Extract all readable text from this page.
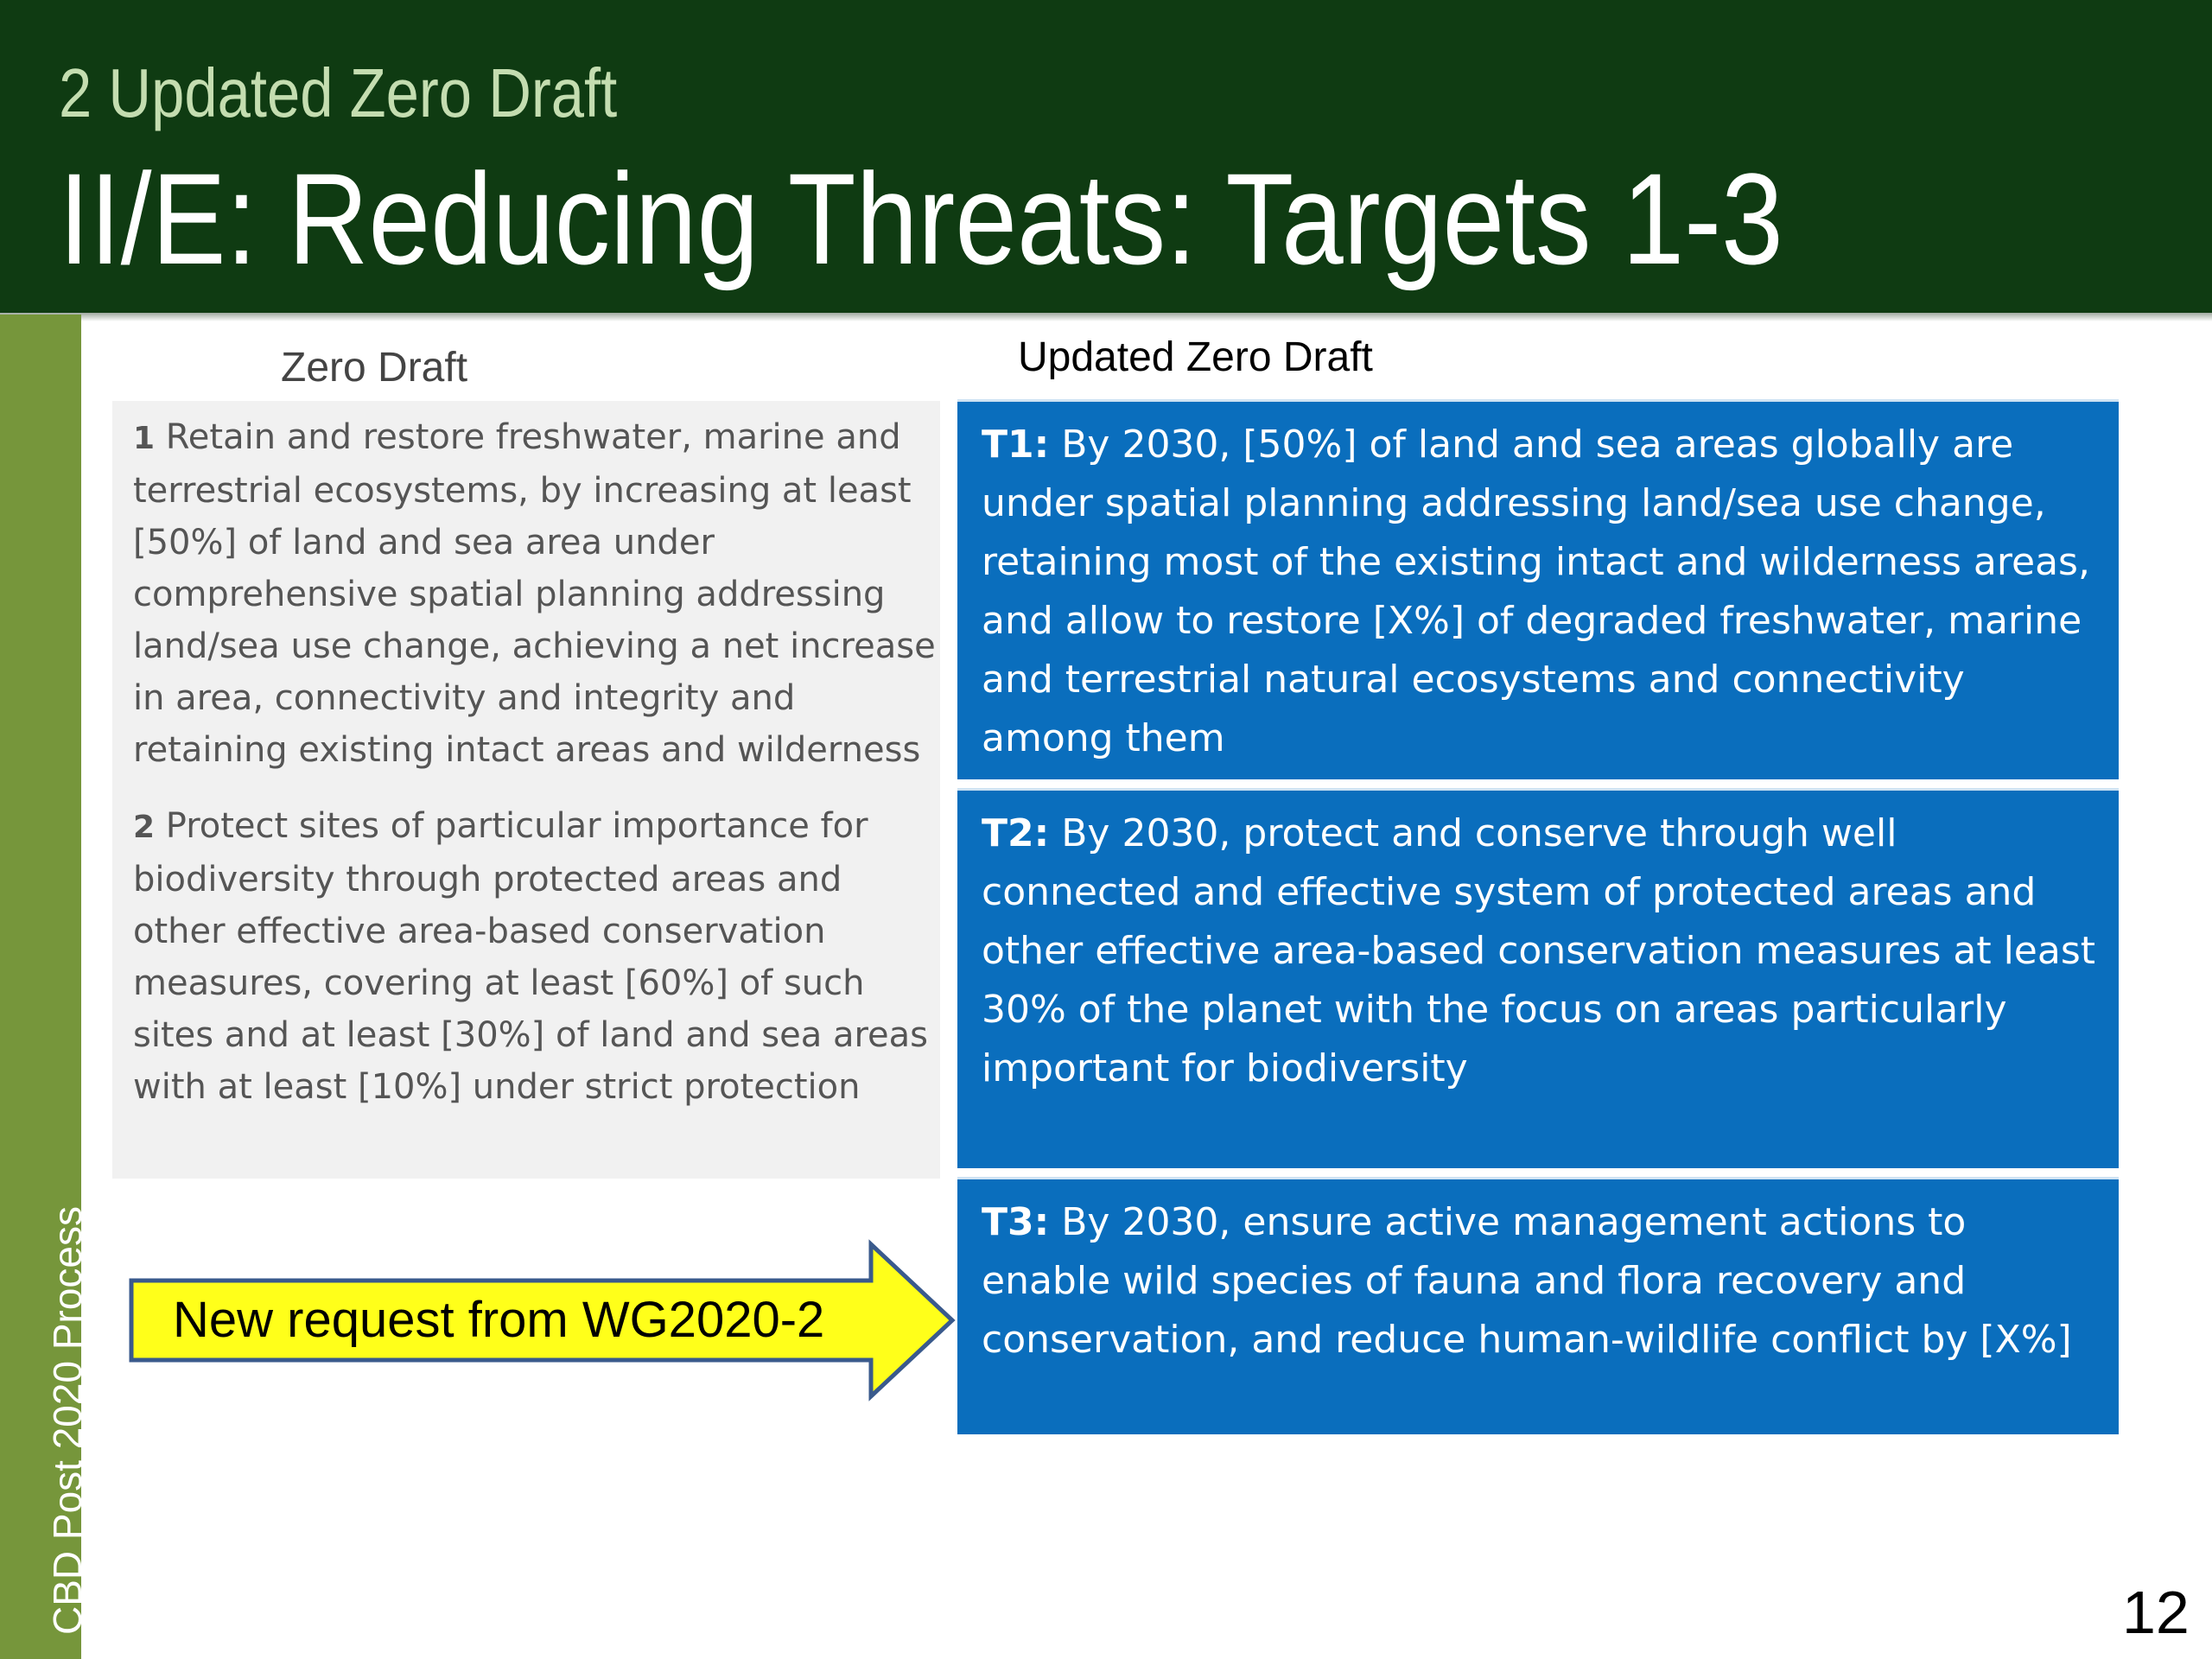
2 Updated Zero Draft
II/E: Reducing Threats: Targets 1-3
CBD Post 2020 Process
Zero Draft	Updated Zero Draft

1 Retain and restore freshwater, marine and terrestrial ecosystems, by increasing at least [50%] of land and sea area under comprehensive spatial planning addressing land/sea use change, achieving a net increase in area, connectivity and integrity and retaining existing intact areas and wilderness

2 Protect sites of particular importance for biodiversity through protected areas and other effective area-based conservation measures, covering at least [60%] of such sites and at least [30%] of land and sea areas with at least [10%] under strict protection

T1: By 2030, [50%] of land and sea areas globally are under spatial planning addressing land/sea use change, retaining most of the existing intact and wilderness areas, and allow to restore [X%] of degraded freshwater, marine and terrestrial natural ecosystems and connectivity among them
T2: By 2030, protect and conserve through well connected and effective system of protected areas and other effective area-based conservation measures at least 30% of the planet with the focus on areas particularly important for biodiversity
T3: By 2030, ensure active management actions to enable wild species of fauna and flora recovery and conservation, and reduce human-wildlife conflict by [X%]
New request from WG2020-2
12
